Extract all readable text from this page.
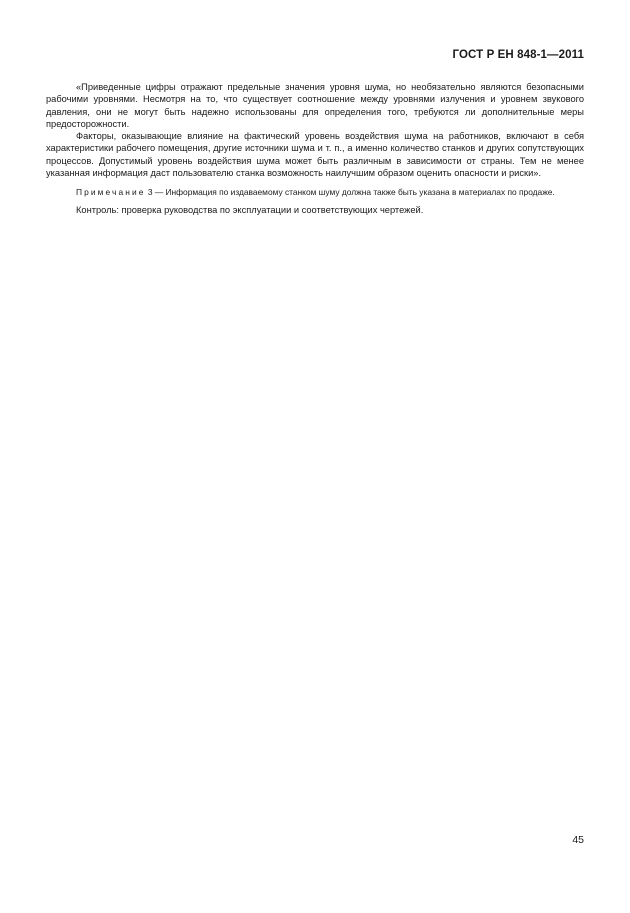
ГОСТ Р ЕН 848-1—2011

«Приведенные цифры отражают предельные значения уровня шума, но необязательно являются безопасными рабочими уровнями. Несмотря на то, что существует соотношение между уровнями излучения и уровнем звукового давления, они не могут быть надежно использованы для определения того, требуются ли дополнительные меры предосторожности.

Факторы, оказывающие влияние на фактический уровень воздействия шума на работников, включают в себя характеристики рабочего помещения, другие источники шума и т. п., а именно количество станков и других сопутствующих процессов. Допустимый уровень воздействия шума может быть различным в зависимости от страны. Тем не менее указанная информация даст пользователю станка возможность наилучшим образом оценить опасности и риски».

Примечание 3 — Информация по издаваемому станком шуму должна также быть указана в материалах по продаже.

Контроль: проверка руководства по эксплуатации и соответствующих чертежей.

45
